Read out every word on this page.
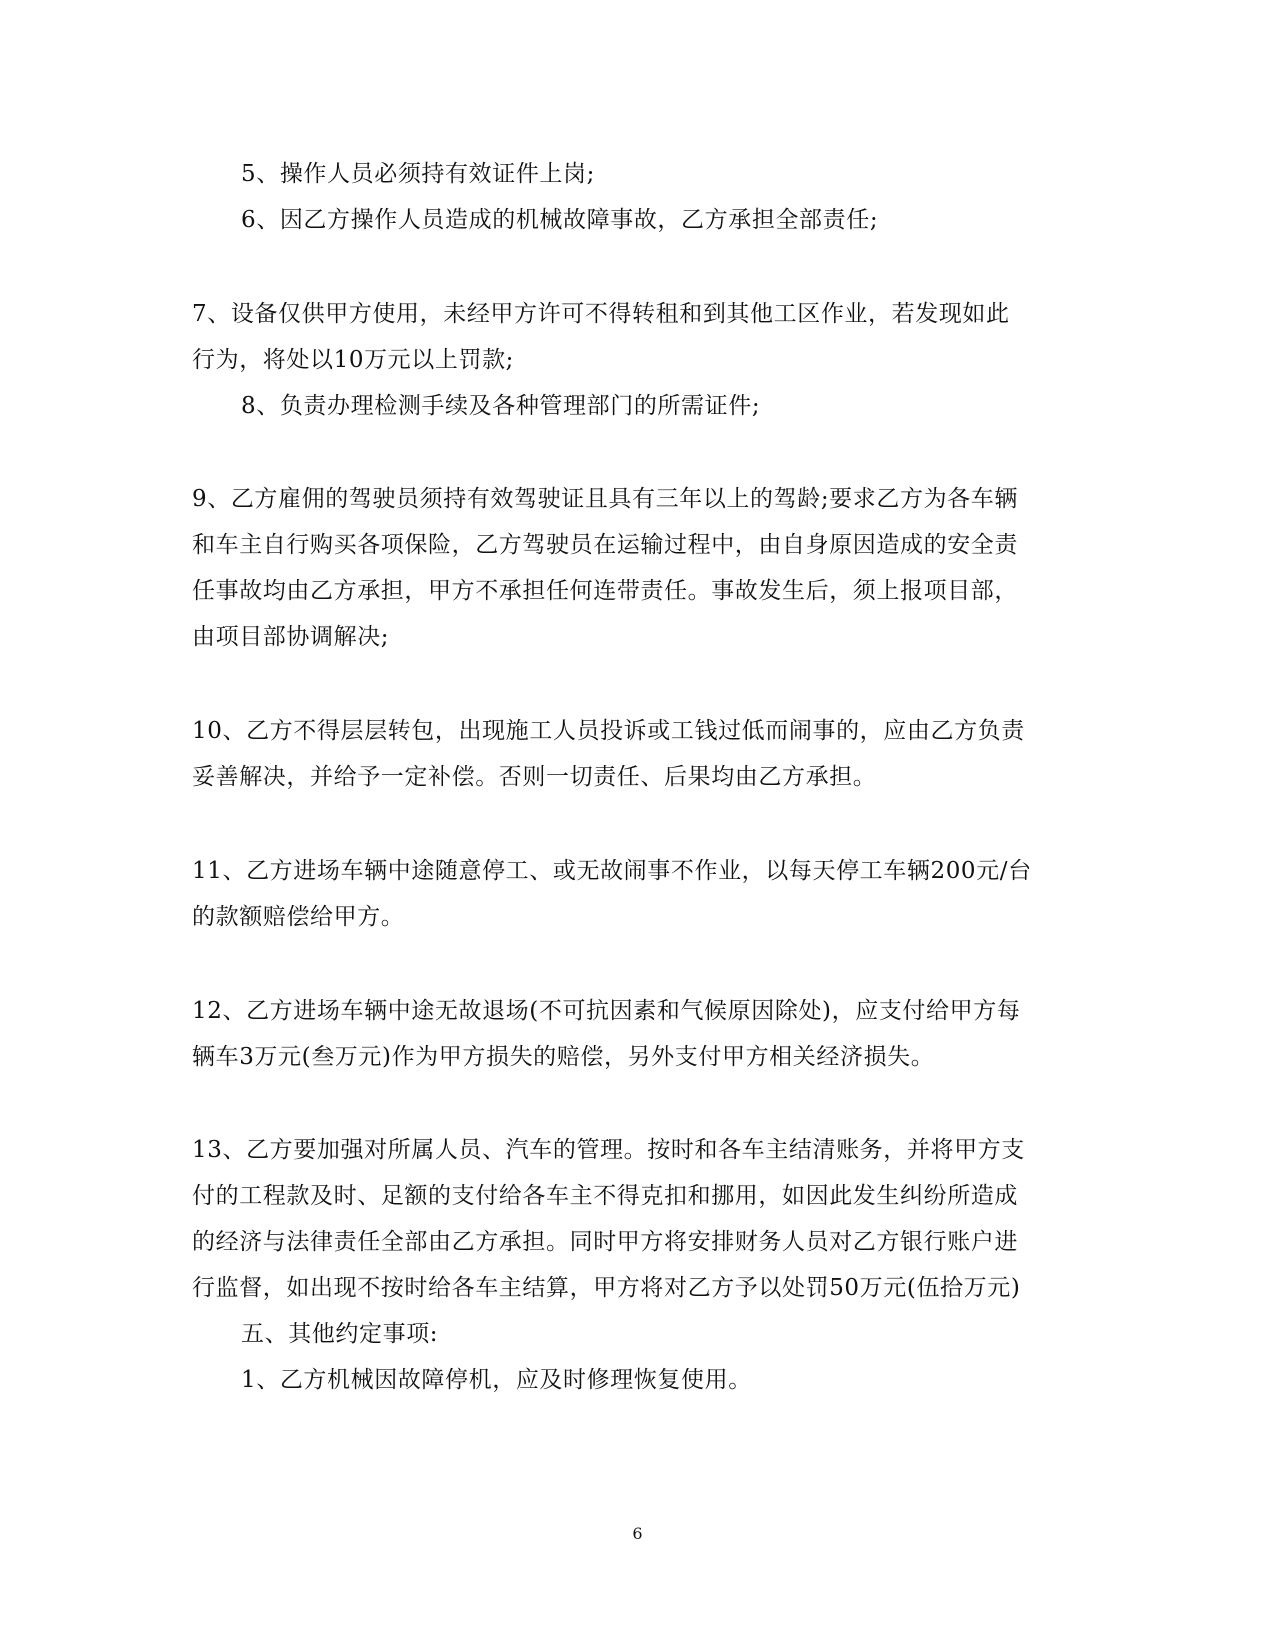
5、操作人员必须持有效证件上岗;
6、因乙方操作人员造成的机械故障事故，乙方承担全部责任;
7、设备仅供甲方使用，未经甲方许可不得转租和到其他工区作业，若发现如此
行为，将处以10万元以上罚款;
8、负责办理检测手续及各种管理部门的所需证件;
9、乙方雇佣的驾驶员须持有效驾驶证且具有三年以上的驾龄;要求乙方为各车辆
和车主自行购买各项保险，乙方驾驶员在运输过程中，由自身原因造成的安全责
任事故均由乙方承担，甲方不承担任何连带责任。事故发生后，须上报项目部，
由项目部协调解决;
10、乙方不得层层转包，出现施工人员投诉或工钱过低而闹事的，应由乙方负责
妥善解决，并给予一定补偿。否则一切责任、后果均由乙方承担。
11、乙方进场车辆中途随意停工、或无故闹事不作业，以每天停工车辆200元/台
的款额赔偿给甲方。
12、乙方进场车辆中途无故退场(不可抗因素和气候原因除处)，应支付给甲方每
辆车3万元(叁万元)作为甲方损失的赔偿，另外支付甲方相关经济损失。
13、乙方要加强对所属人员、汽车的管理。按时和各车主结清账务，并将甲方支
付的工程款及时、足额的支付给各车主不得克扣和挪用，如因此发生纠纷所造成
的经济与法律责任全部由乙方承担。同时甲方将安排财务人员对乙方银行账户进
行监督，如出现不按时给各车主结算，甲方将对乙方予以处罚50万元(伍拾万元)
五、其他约定事项:
1、乙方机械因故障停机，应及时修理恢复使用。
6
